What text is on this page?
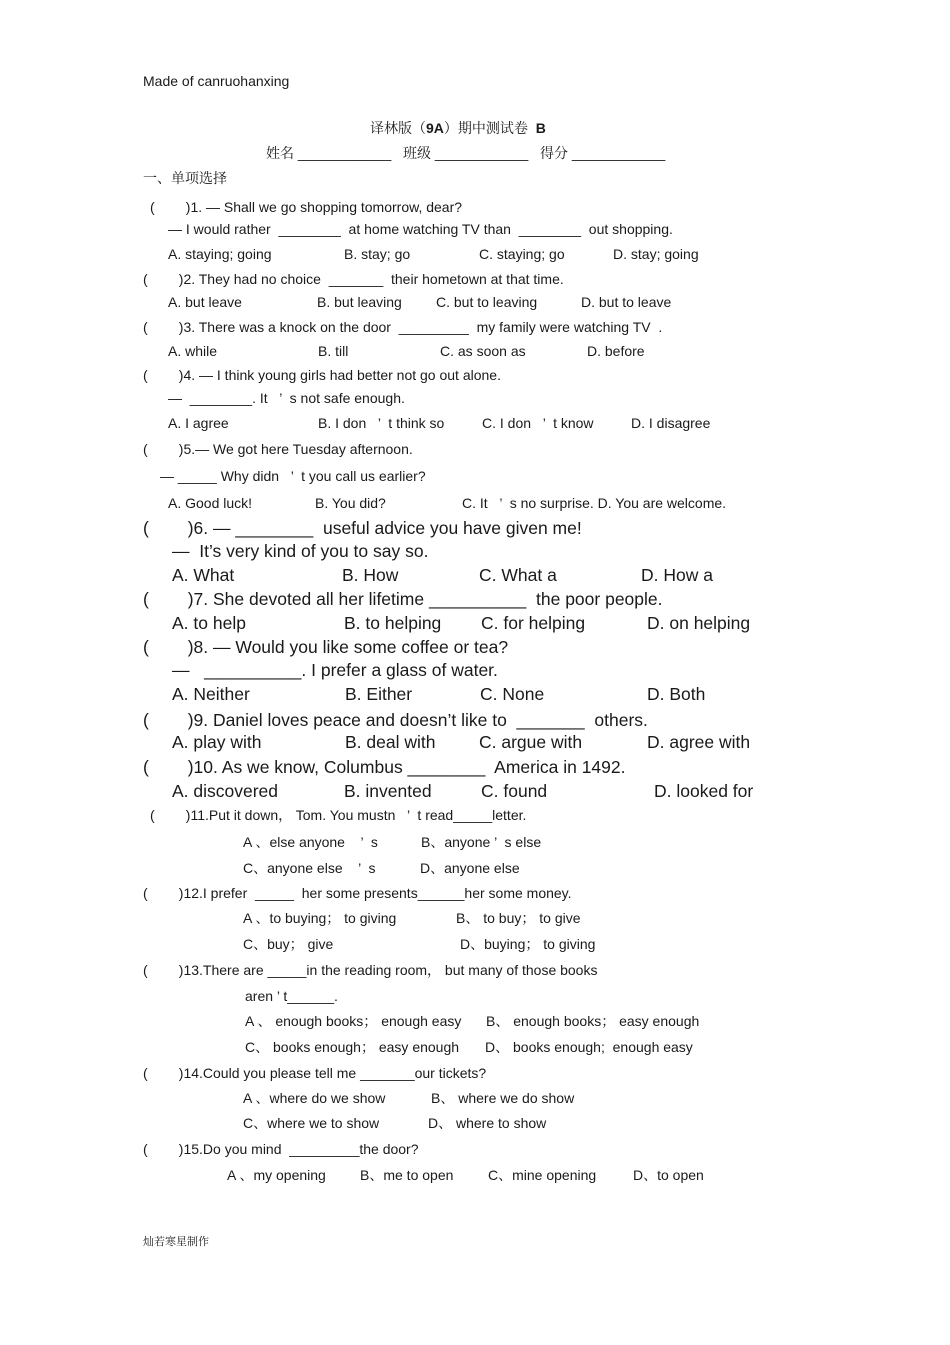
Made of canruohanxing
译林版（9A）期中测试卷 B
姓名 ____________   班级 ____________   得分 ____________
一、单项选择
(        )1. — Shall we go shopping tomorrow, dear?
— I would rather  ________  at home watching TV than  ________  out shopping.
A. staying; going	B. stay; go	C. staying; go	D. stay; going
(        )2. They had no choice  _______  their hometown at that time.
A. but leave	B. but leaving C. but to leaving	D. but to leave
(        )3. There was a knock on the door  _________  my family were watching TV  .
A. while	B. till	C. as soon as	D. before
(        )4. — I think young girls had better not go out alone.
—  ________. It   ’  s not safe enough.
A. I agree	B. I don   ’  t think so	C. I don   ’  t know	D. I disagree
(        )5.— We got here Tuesday afternoon.
— _____ Why didn   ’  t you call us earlier?
A. Good luck!	B. You did?	C. It   ’  s no surprise. D. You are welcome.
(        )6. — ________  useful advice you have given me!
—  It’s very kind of you to say so.
A. What	B. How	C. What a	D. How a
(        )7. She devoted all her lifetime __________  the poor people.
A. to help	B. to helping C. for helping	D. on helping
(        )8. — Would you like some coffee or tea?
—   __________. I prefer a glass of water.
A. Neither	B. Either	C. None	D. Both
(        )9. Daniel loves peace and doesn’t like to  _______  others.
A. play with	B. deal with C. argue with	D. agree with
(        )10. As we know, Columbus ________  America in 1492.
A. discovered	B. invented	C. found	D. looked for
(        )11.Put it down， Tom. You mustn   ’  t read_____letter.
A 、else anyone    ’  s	B、anyone ’  s else
C、anyone else    ’  s	D、anyone else
(        )12.I prefer  _____  her some presents______her some money.
A 、to buying； to giving	B、 to buy； to give
C、buy； give	D、buying； to giving
(        )13.There are _____in the reading room， but many of those books
aren ’ t______.
A 、 enough books； enough easy B、 enough books； easy enough
C、 books enough； easy enough D、 books enough;  enough easy
(        )14.Could you please tell me _______our tickets?
A 、where do we show	B、 where we do show
C、where we to show	D、 where to show
(        )15.Do you mind  _________the door?
A 、my opening B、me to open C、mine opening	D、to open
灿若寒星制作
